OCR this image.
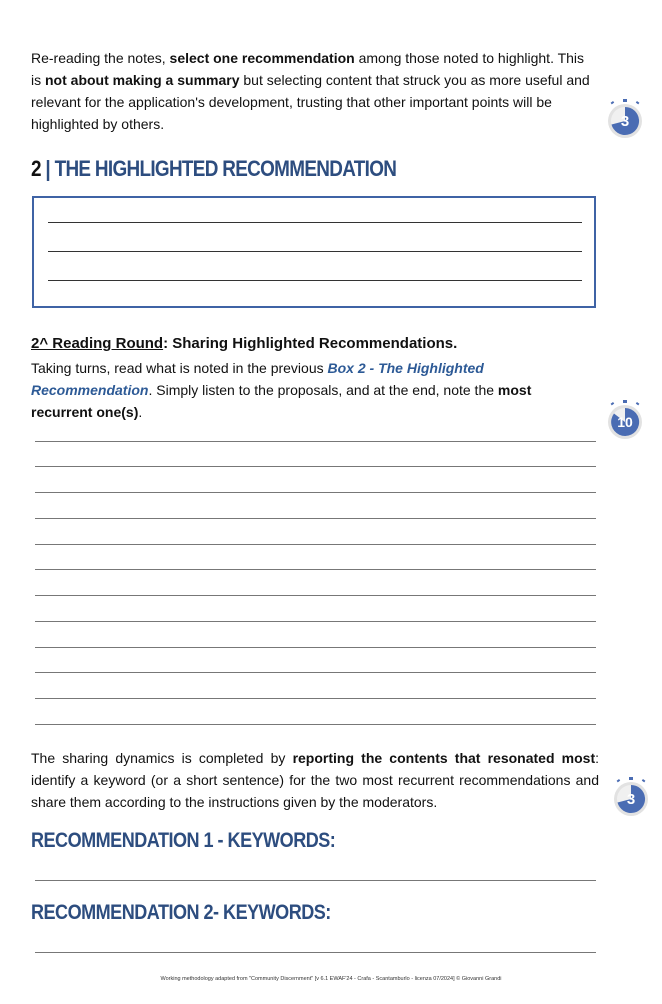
Re-reading the notes, select one recommendation among those noted to highlight. This is not about making a summary but selecting content that struck you as more useful and relevant for the application's development, trusting that other important points will be highlighted by others.	3
2 | THE HIGHLIGHTED RECOMMENDATION
2^ Reading Round: Sharing Highlighted Recommendations.
Taking turns, read what is noted in the previous Box 2 - The Highlighted Recommendation. Simply listen to the proposals, and at the end, note the most recurrent one(s).
10
The sharing dynamics is completed by reporting the contents that resonated most: identify a keyword (or a short sentence) for the two most recurrent recommendations and share them according to the instructions given by the moderators.	3
RECOMMENDATION 1 - KEYWORDS:
RECOMMENDATION 2- KEYWORDS:
Working methodology adapted from "Community Discernment" [v 6.1 EWAF'24 - Crafa - Scantamburlo - licenza 07/2024] © Giovanni Grandi
